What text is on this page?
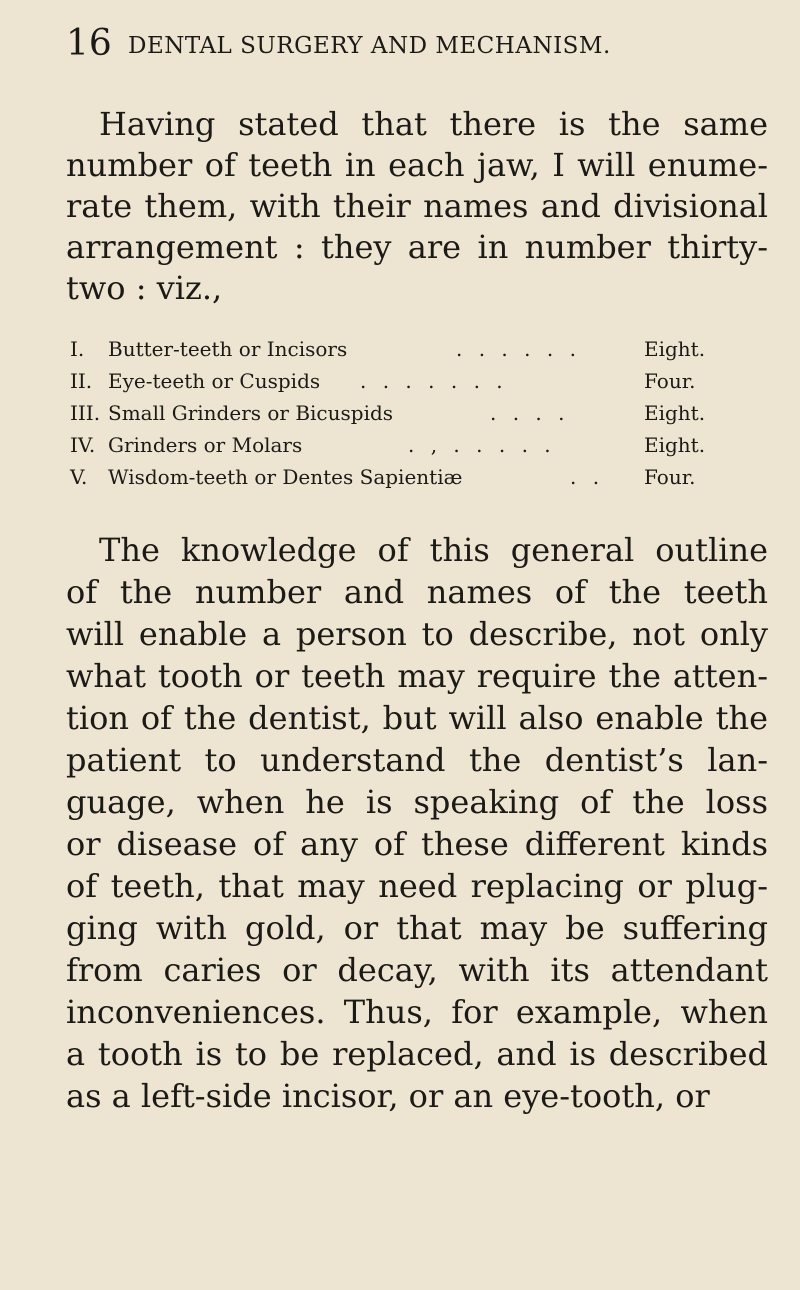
16 DENTAL SURGERY AND MECHANISM.
Having stated that there is the same
number of teeth in each jaw, I will enume-
rate them, with their names and divisional
arrangement : they are in number thirty-
two : viz.,
I. Butter-teeth or Incisors	. . . . . .	Eight.
II. Eye-teeth or Cuspids . . . . . . .	Four.
III. Small Grinders or Bicuspids	. . . .	Eight.
IV. Grinders or Molars	. , . . . . .	Eight.
V. Wisdom-teeth or Dentes Sapientiæ	. . Four.
The knowledge of this general outline
of the number and names of the teeth
will enable a person to describe, not only
what tooth or teeth may require the atten-
tion of the dentist, but will also enable the
patient to understand the dentist’s lan-
guage, when he is speaking of the loss
or disease of any of these different kinds
of teeth, that may need replacing or plug-
ging with gold, or that may be suffering
from caries or decay, with its attendant
inconveniences. Thus, for example, when
a tooth is to be replaced, and is described
as a left-side incisor, or an eye-tooth, or
